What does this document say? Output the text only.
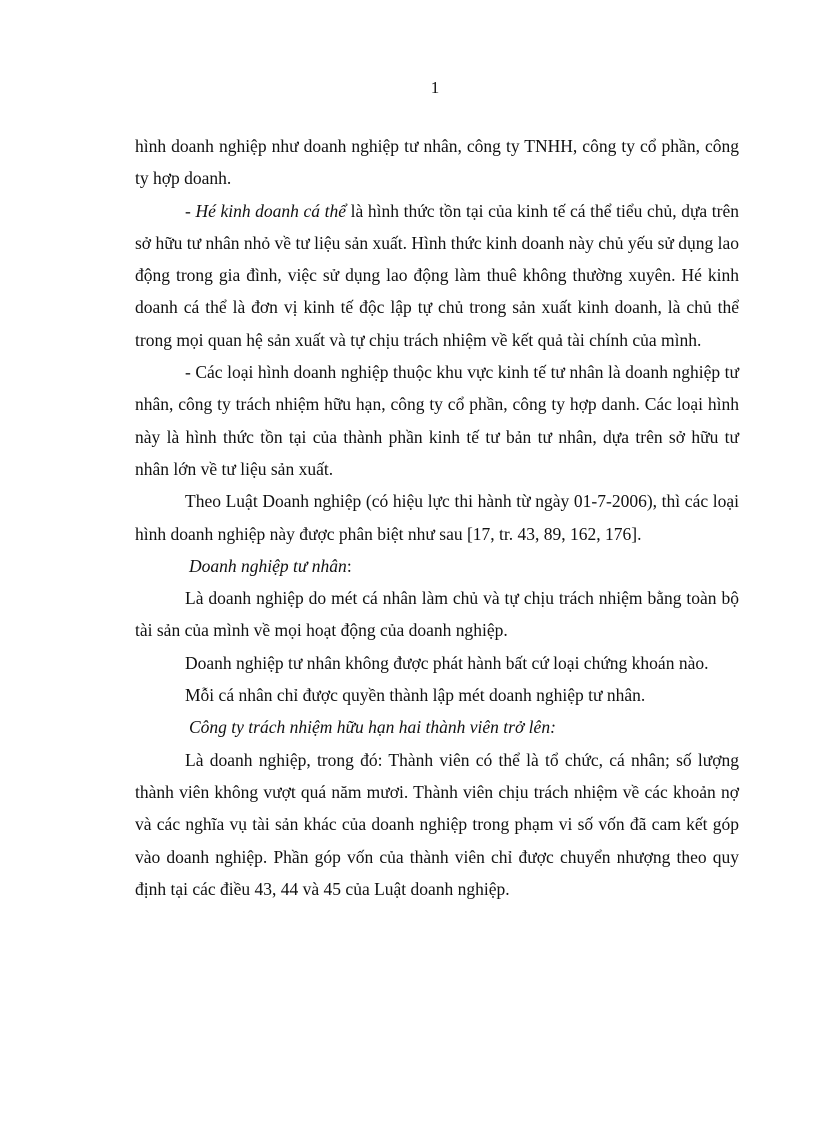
1

hình doanh nghiệp như doanh nghiệp tư nhân, công ty TNHH, công ty cổ phần, công ty hợp doanh.

- Hé kinh doanh cá thể là hình thức tồn tại của kinh tế cá thể tiểu chủ, dựa trên sở hữu tư nhân nhỏ về tư liệu sản xuất. Hình thức kinh doanh này chủ yếu sử dụng lao động trong gia đình, việc sử dụng lao động làm thuê không thường xuyên. Hé kinh doanh cá thể là đơn vị kinh tế độc lập tự chủ trong sản xuất kinh doanh, là chủ thể trong mọi quan hệ sản xuất và tự chịu trách nhiệm về kết quả tài chính của mình.

- Các loại hình doanh nghiệp thuộc khu vực kinh tế tư nhân là doanh nghiệp tư nhân, công ty trách nhiệm hữu hạn, công ty cổ phần, công ty hợp danh. Các loại hình này là hình thức tồn tại của thành phần kinh tế tư bản tư nhân, dựa trên sở hữu tư nhân lớn về tư liệu sản xuất.

Theo Luật Doanh nghiệp (có hiệu lực thi hành từ ngày 01-7-2006), thì các loại hình doanh nghiệp này được phân biệt như sau [17, tr. 43, 89, 162, 176].

Doanh nghiệp tư nhân:

Là doanh nghiệp do mét cá nhân làm chủ và tự chịu trách nhiệm bằng toàn bộ tài sản của mình về mọi hoạt động của doanh nghiệp.

Doanh nghiệp tư nhân không được phát hành bất cứ loại chứng khoán nào.

Mỗi cá nhân chỉ được quyền thành lập mét doanh nghiệp tư nhân.

Công ty trách nhiệm hữu hạn hai thành viên trở lên:

Là doanh nghiệp, trong đó: Thành viên có thể là tổ chức, cá nhân; số lượng thành viên không vượt quá năm mươi. Thành viên chịu trách nhiệm về các khoản nợ và các nghĩa vụ tài sản khác của doanh nghiệp trong phạm vi số vốn đã cam kết góp vào doanh nghiệp. Phần góp vốn của thành viên chỉ được chuyển nhượng theo quy định tại các điều 43, 44 và 45 của Luật doanh nghiệp.
